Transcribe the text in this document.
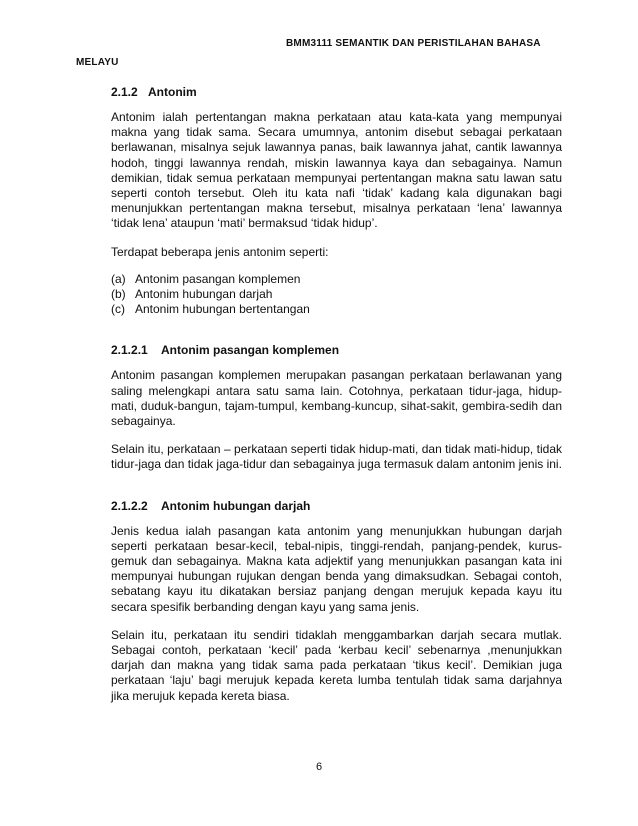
BMM3111 SEMANTIK DAN PERISTILAHAN BAHASA
MELAYU
2.1.2 Antonim

Antonim ialah pertentangan makna perkataan atau kata-kata yang mempunyai makna yang tidak sama. Secara umumnya, antonim disebut sebagai perkataan berlawanan, misalnya sejuk lawannya panas, baik lawannya jahat, cantik lawannya hodoh, tinggi lawannya rendah, miskin lawannya kaya dan sebagainya. Namun demikian, tidak semua perkataan mempunyai pertentangan makna satu lawan satu seperti contoh tersebut. Oleh itu kata nafi ‘tidak’ kadang kala digunakan bagi menunjukkan pertentangan makna tersebut, misalnya perkataan ‘lena’ lawannya ‘tidak lena’ ataupun ‘mati’ bermaksud ‘tidak hidup’.

Terdapat beberapa jenis antonim seperti:

(a) Antonim pasangan komplemen
(b) Antonim hubungan darjah
(c) Antonim hubungan bertentangan
2.1.2.1 Antonim pasangan komplemen

Antonim pasangan komplemen merupakan pasangan perkataan berlawanan yang saling melengkapi antara satu sama lain. Cotohnya, perkataan tidur-jaga, hidup-mati, duduk-bangun, tajam-tumpul, kembang-kuncup, sihat-sakit, gembira-sedih dan sebagainya.

Selain itu, perkataan – perkataan seperti tidak hidup-mati, dan tidak mati-hidup, tidak tidur-jaga dan tidak jaga-tidur dan sebagainya juga termasuk dalam antonim jenis ini.

2.1.2.2 Antonim hubungan darjah

Jenis kedua ialah pasangan kata antonim yang menunjukkan hubungan darjah seperti perkataan besar-kecil, tebal-nipis, tinggi-rendah, panjang-pendek, kurus-gemuk dan sebagainya. Makna kata adjektif yang menunjukkan pasangan kata ini mempunyai hubungan rujukan dengan benda yang dimaksudkan. Sebagai contoh, sebatang kayu itu dikatakan bersiaz panjang dengan merujuk kepada kayu itu secara spesifik berbanding dengan kayu yang sama jenis.

Selain itu, perkataan itu sendiri tidaklah menggambarkan darjah secara mutlak. Sebagai contoh, perkataan ‘kecil’ pada ‘kerbau kecil’ sebenarnya ,menunjukkan darjah dan makna yang tidak sama pada perkataan ‘tikus kecil’. Demikian juga perkataan ‘laju’ bagi merujuk kepada kereta lumba tentulah tidak sama darjahnya jika merujuk kepada kereta biasa.

6
